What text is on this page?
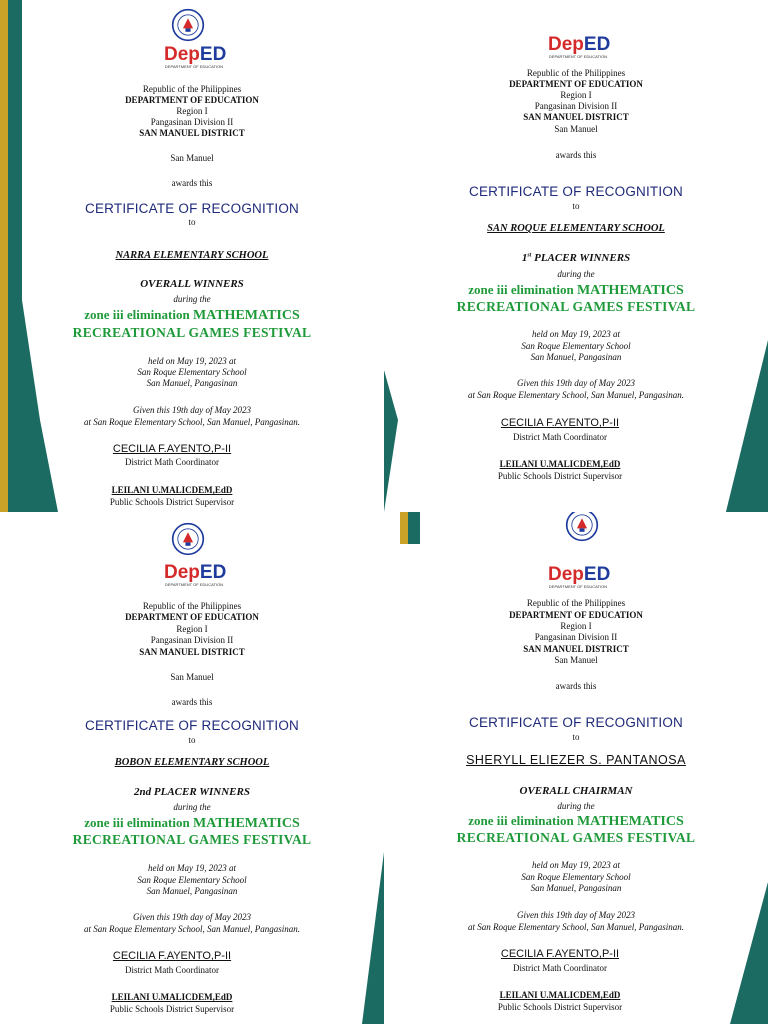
DepED
DEPARTMENT OF EDUCATION
Republic of the Philippines
DEPARTMENT OF EDUCATION
Region I
Pangasinan Division II
SAN MANUEL DISTRICT
San Manuel
awards this
CERTIFICATE OF RECOGNITION
to
NARRA ELEMENTARY SCHOOL
OVERALL WINNERS
during the
zone iii elimination MATHEMATICS
RECREATIONAL GAMES FESTIVAL
held on May 19, 2023 at
San Roque Elementary School
San Manuel, Pangasinan
Given this 19th day of May 2023
at San Roque Elementary School, San Manuel, Pangasinan.
CECILIA F.AYENTO,P-II
District Math Coordinator
LEILANI U.MALICDEM,EdD
Public Schools District Supervisor
DepED
DEPARTMENT OF EDUCATION
Republic of the Philippines
DEPARTMENT OF EDUCATION
Region I
Pangasinan Division II
SAN MANUEL DISTRICT
San Manuel
awards this
CERTIFICATE OF RECOGNITION
to
SAN ROQUE ELEMENTARY SCHOOL
1st PLACER WINNERS
during the
zone iii elimination MATHEMATICS
RECREATIONAL GAMES FESTIVAL
held on May 19, 2023 at
San Roque Elementary School
San Manuel, Pangasinan
Given this 19th day of May 2023
at San Roque Elementary School, San Manuel, Pangasinan.
CECILIA F.AYENTO,P-II
District Math Coordinator
LEILANI U.MALICDEM,EdD
Public Schools District Supervisor
DepED
DEPARTMENT OF EDUCATION
Republic of the Philippines
DEPARTMENT OF EDUCATION
Region I
Pangasinan Division II
SAN MANUEL DISTRICT
San Manuel
awards this
CERTIFICATE OF RECOGNITION
to
BOBON ELEMENTARY SCHOOL
2nd PLACER WINNERS
during the
zone iii elimination MATHEMATICS
RECREATIONAL GAMES FESTIVAL
held on May 19, 2023 at
San Roque Elementary School
San Manuel, Pangasinan
Given this 19th day of May 2023
at San Roque Elementary School, San Manuel, Pangasinan.
CECILIA F.AYENTO,P-II
District Math Coordinator
LEILANI U.MALICDEM,EdD
Public Schools District Supervisor
DepED
DEPARTMENT OF EDUCATION
Republic of the Philippines
DEPARTMENT OF EDUCATION
Region I
Pangasinan Division II
SAN MANUEL DISTRICT
San Manuel
awards this
CERTIFICATE OF RECOGNITION
to
SHERYLL ELIEZER S. PANTANOSA
OVERALL CHAIRMAN
during the
zone iii elimination MATHEMATICS
RECREATIONAL GAMES FESTIVAL
held on May 19, 2023 at
San Roque Elementary School
San Manuel, Pangasinan
Given this 19th day of May 2023
at San Roque Elementary School, San Manuel, Pangasinan.
CECILIA F.AYENTO,P-II
District Math Coordinator
LEILANI U.MALICDEM,EdD
Public Schools District Supervisor
